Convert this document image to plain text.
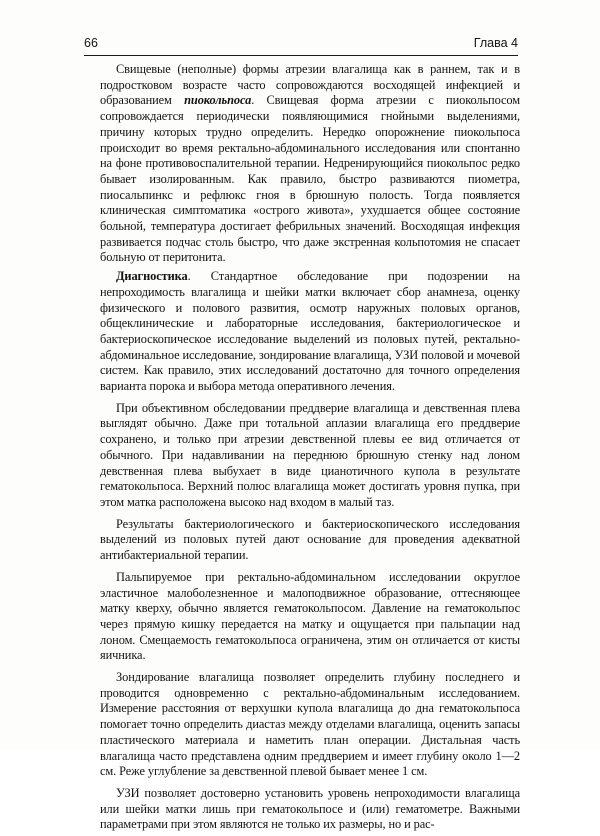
66	Глава 4

Свищевые (неполные) формы атрезии влагалища как в раннем, так и в подростковом возрасте часто сопровождаются восходящей инфекцией и образованием пиокольпоса. Свищевая форма атрезии с пиокольпосом сопровождается периодически появляющимися гнойными выделениями, причину которых трудно определить. Нередко опорожнение пиокольпоса происходит во время ректально-абдоминального исследования или спонтанно на фоне противовоспалительной терапии. Недренирующийся пиокольпос редко бывает изолированным. Как правило, быстро развиваются пиометра, пиосальпинкс и рефлюкс гноя в брюшную полость. Тогда появляется клиническая симптоматика «острого живота», ухудшается общее состояние больной, температура достигает фебрильных значений. Восходящая инфекция развивается подчас столь быстро, что даже экстренная кольпотомия не спасает больную от перитонита.

Диагностика. Стандартное обследование при подозрении на непроходимость влагалища и шейки матки включает сбор анамнеза, оценку физического и полового развития, осмотр наружных половых органов, общеклинические и лабораторные исследования, бактериологическое и бактериоскопическое исследование выделений из половых путей, ректально-абдоминальное исследование, зондирование влагалища, УЗИ половой и мочевой систем. Как правило, этих исследований достаточно для точного определения варианта порока и выбора метода оперативного лечения.

При объективном обследовании преддверие влагалища и девственная плева выглядят обычно. Даже при тотальной аплазии влагалища его преддверие сохранено, и только при атрезии девственной плевы ее вид отличается от обычного. При надавливании на переднюю брюшную стенку над лоном девственная плева выбухает в виде цианотичного купола в результате гематокольпоса. Верхний полюс влагалища может достигать уровня пупка, при этом матка расположена высоко над входом в малый таз.

Результаты бактериологического и бактериоскопического исследования выделений из половых путей дают основание для проведения адекватной антибактериальной терапии.

Пальпируемое при ректально-абдоминальном исследовании округлое эластичное малоболезненное и малоподвижное образование, оттесняющее матку кверху, обычно является гематокольпосом. Давление на гематокольпос через прямую кишку передается на матку и ощущается при пальпации над лоном. Смещаемость гематокольпоса ограничена, этим он отличается от кисты яичника.

Зондирование влагалища позволяет определить глубину последнего и проводится одновременно с ректально-абдоминальным исследованием. Измерение расстояния от верхушки купола влагалища до дна гематокольпоса помогает точно определить диастаз между отделами влагалища, оценить запасы пластического материала и наметить план операции. Дистальная часть влагалища часто представлена одним преддверием и имеет глубину около 1—2 см. Реже углубление за девственной плевой бывает менее 1 см.

УЗИ позволяет достоверно установить уровень непроходимости влагалища или шейки матки лишь при гематокольпосе и (или) гематометре. Важными параметрами при этом являются не только их размеры, но и рас-
